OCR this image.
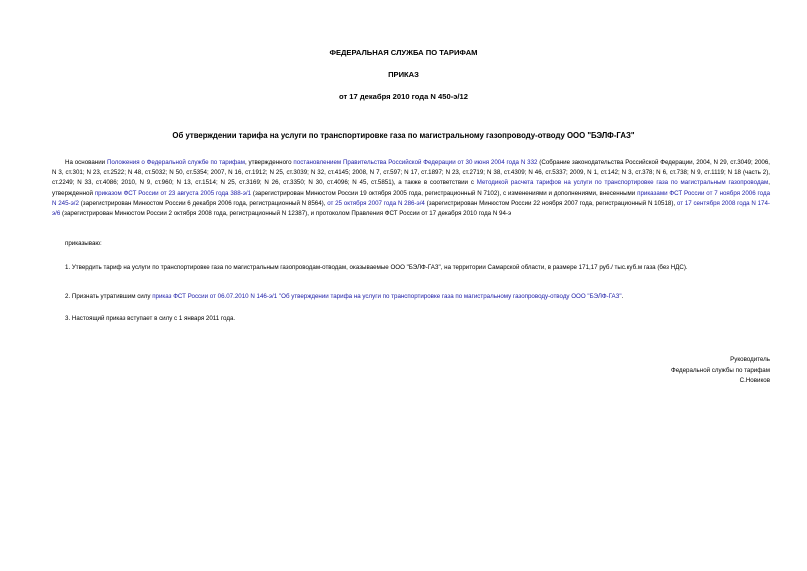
ФЕДЕРАЛЬНАЯ СЛУЖБА ПО ТАРИФАМ
ПРИКАЗ
от 17 декабря 2010 года N 450-э/12
Об утверждении тарифа на услуги по транспортировке газа по магистральному газопроводу-отводу ООО "БЭЛФ-ГАЗ"
На основании Положения о Федеральной службе по тарифам, утвержденного постановлением Правительства Российской Федерации от 30 июня 2004 года N 332 (Собрание законодательства Российской Федерации, 2004, N 29, ст.3049; 2006, N 3, ст.301; N 23, ст.2522; N 48, ст.5032; N 50, ст.5354; 2007, N 16, ст.1912; N 25, ст.3039; N 32, ст.4145; 2008, N 7, ст.597; N 17, ст.1897; N 23, ст.2719; N 38, ст.4309; N 46, ст.5337; 2009, N 1, ст.142; N 3, ст.378; N 6, ст.738; N 9, ст.1119; N 18 (часть 2), ст.2249; N 33, ст.4086; 2010, N 9, ст.960; N 13, ст.1514; N 25, ст.3169; N 26, ст.3350; N 30, ст.4096; N 45, ст.5851), а также в соответствии с Методикой расчета тарифов на услуги по транспортировке газа по магистральным газопроводам, утвержденной приказом ФСТ России от 23 августа 2005 года 388-э/1 (зарегистрирован Минюстом России 19 октября 2005 года, регистрационный N 7102), с изменениями и дополнениями, внесенными приказами ФСТ России от 7 ноября 2006 года N 245-э/2 (зарегистрирован Минюстом России 6 декабря 2006 года, регистрационный N 8564), от 25 октября 2007 года N 286-э/4 (зарегистрирован Минюстом России 22 ноября 2007 года, регистрационный N 10518), от 17 сентября 2008 года N 174-э/6 (зарегистрирован Минюстом России 2 октября 2008 года, регистрационный N 12387), и протоколом Правления ФСТ России от 17 декабря 2010 года N 94-э
приказываю:
1. Утвердить тариф на услуги по транспортировке газа по магистральным газопроводам-отводам, оказываемые ООО "БЭЛФ-ГАЗ", на территории Самарской области, в размере 171,17 руб./ тыс.куб.м газа (без НДС).
2. Признать утратившим силу приказ ФСТ России от 06.07.2010 N 146-э/1 "Об утверждении тарифа на услуги по транспортировке газа по магистральному газопроводу-отводу ООО "БЭЛФ-ГАЗ".
3. Настоящий приказ вступает в силу с 1 января 2011 года.
Руководитель
Федеральной службы по тарифам
С.Новиков
